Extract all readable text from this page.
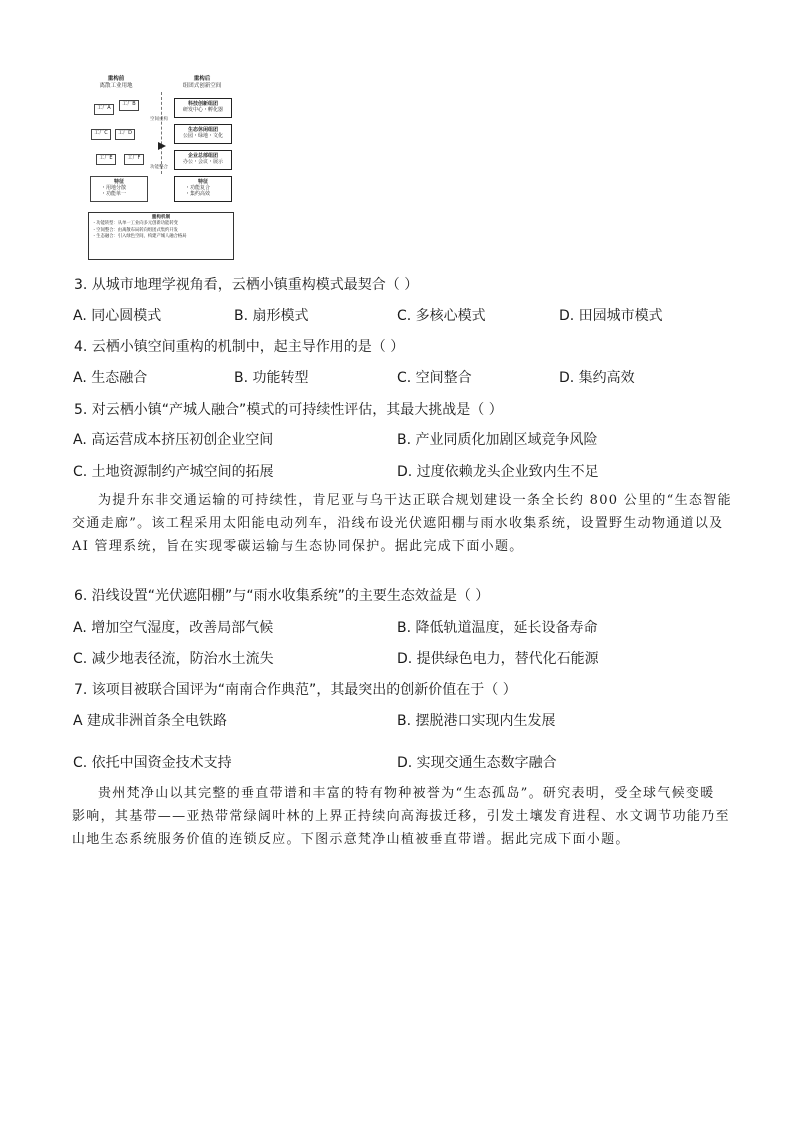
重构前
离散工业用地
重构后
组团式创新空间
工厂A
工厂B
工厂C	工厂D
工厂E	工厂F
空间重构
功能整合
科技创新组团
研发中心・孵化器
生态休闲组团
公园・绿地・文化
企业总部组团
办公・会议・展示
特征
・用地分散
・功能单一
特征
・功能复合
・集约高效
重构机制
・功能转型：从单一工业向多元创新功能转变
・空间整合：由离散布局转向组团式集约开发
・生态融合：引入绿色空间，构建产城人融合格局
3. 从城市地理学视角看，云栖小镇重构模式最契合（ ）
A. 同心圆模式	B. 扇形模式	C. 多核心模式	D. 田园城市模式
4. 云栖小镇空间重构的机制中，起主导作用的是（ ）
A. 生态融合	B. 功能转型	C. 空间整合	D. 集约高效
5. 对云栖小镇“产城人融合”模式的可持续性评估，其最大挑战是（ ）
A. 高运营成本挤压初创企业空间	B. 产业同质化加剧区域竞争风险
C. 土地资源制约产城空间的拓展	D. 过度依赖龙头企业致内生不足
为提升东非交通运输的可持续性，肯尼亚与乌干达正联合规划建设一条全长约 800 公里的“生态智能
交通走廊”。该工程采用太阳能电动列车，沿线布设光伏遮阳棚与雨水收集系统，设置野生动物通道以及
AI 管理系统，旨在实现零碳运输与生态协同保护。据此完成下面小题。
6. 沿线设置“光伏遮阳棚”与“雨水收集系统”的主要生态效益是（ ）
A. 增加空气湿度，改善局部气候	B. 降低轨道温度，延长设备寿命
C. 减少地表径流，防治水土流失	D. 提供绿色电力，替代化石能源
7. 该项目被联合国评为“南南合作典范”，其最突出的创新价值在于（ ）
A 建成非洲首条全电铁路	B. 摆脱港口实现内生发展
C. 依托中国资金技术支持	D. 实现交通生态数字融合
贵州梵净山以其完整的垂直带谱和丰富的特有物种被誉为“生态孤岛”。研究表明，受全球气候变暖
影响，其基带——亚热带常绿阔叶林的上界正持续向高海拔迁移，引发土壤发育进程、水文调节功能乃至
山地生态系统服务价值的连锁反应。下图示意梵净山植被垂直带谱。据此完成下面小题。
